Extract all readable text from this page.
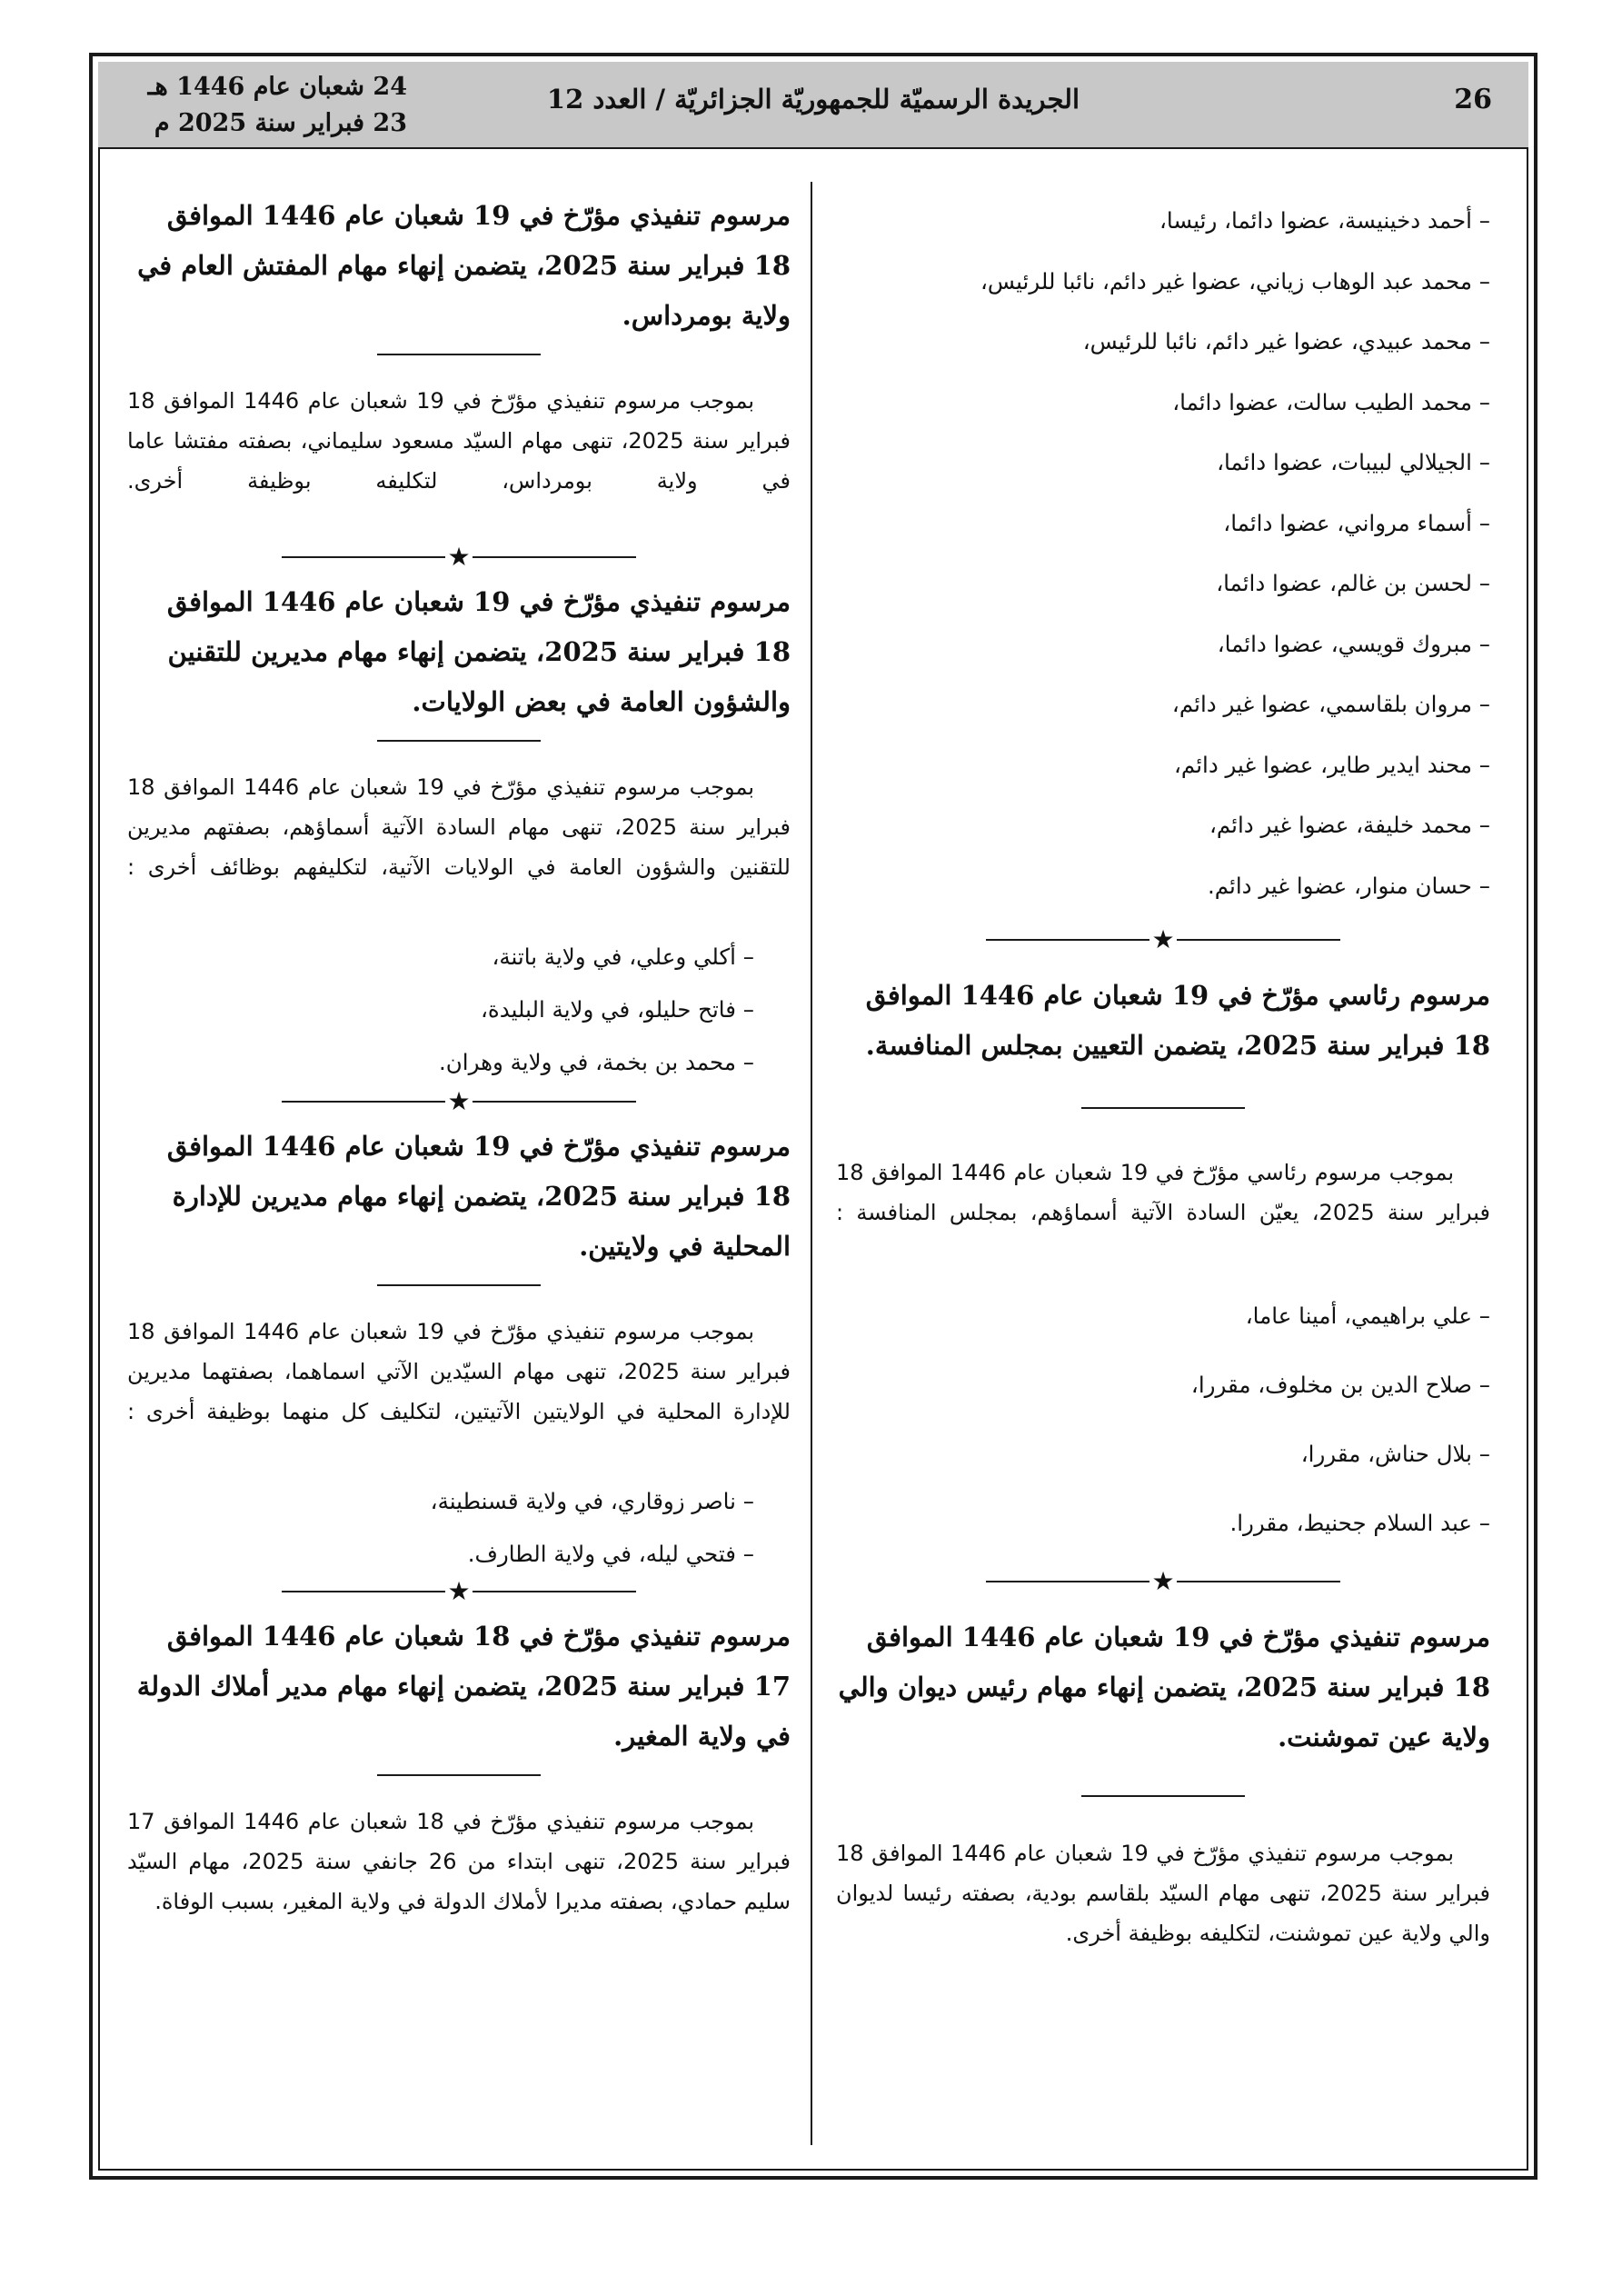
26
الجريدة الرسميّة للجمهوريّة الجزائريّة / العدد 12
24 شعبان عام 1446 هـ
23 فبراير سنة 2025 م
– أحمد دخينيسة، عضوا دائما، رئيسا،
– محمد عبد الوهاب زياني، عضوا غير دائم، نائبا للرئيس،
– محمد عبيدي، عضوا غير دائم، نائبا للرئيس،
– محمد الطيب سالت، عضوا دائما،
– الجيلالي لبيبات، عضوا دائما،
– أسماء مرواني، عضوا دائما،
– لحسن بن غالم، عضوا دائما،
– مبروك قويسي، عضوا دائما،
– مروان بلقاسمي، عضوا غير دائم،
– محند ايدير طاير، عضوا غير دائم،
– محمد خليفة، عضوا غير دائم،
– حسان منوار، عضوا غير دائم.
★
مرسوم رئاسي مؤرّخ في 19 شعبان عام 1446 الموافق 18 فبراير سنة 2025، يتضمن التعيين بمجلس المنافسة.

بموجب مرسوم رئاسي مؤرّخ في 19 شعبان عام 1446 الموافق 18 فبراير سنة 2025، يعيّن السادة الآتية أسماؤهم، بمجلس المنافسة :

– علي براهيمي، أمينا عاما،
– صلاح الدين بن مخلوف، مقررا،
– بلال حناش، مقررا،
– عبد السلام جحنيط، مقررا.
★
مرسوم تنفيذي مؤرّخ في 19 شعبان عام 1446 الموافق 18 فبراير سنة 2025، يتضمن إنهاء مهام رئيس ديوان والي ولاية عين تموشنت.

بموجب مرسوم تنفيذي مؤرّخ في 19 شعبان عام 1446 الموافق 18 فبراير سنة 2025، تنهى مهام السيّد بلقاسم بودية، بصفته رئيسا لديوان والي ولاية عين تموشنت، لتكليفه بوظيفة أخرى.

مرسوم تنفيذي مؤرّخ في 19 شعبان عام 1446 الموافق 18 فبراير سنة 2025، يتضمن إنهاء مهام المفتش العام في ولاية بومرداس.

بموجب مرسوم تنفيذي مؤرّخ في 19 شعبان عام 1446 الموافق 18 فبراير سنة 2025، تنهى مهام السيّد مسعود سليماني، بصفته مفتشا عاما في ولاية بومرداس، لتكليفه بوظيفة أخرى.

★
مرسوم تنفيذي مؤرّخ في 19 شعبان عام 1446 الموافق 18 فبراير سنة 2025، يتضمن إنهاء مهام مديرين للتقنين والشؤون العامة في بعض الولايات.

بموجب مرسوم تنفيذي مؤرّخ في 19 شعبان عام 1446 الموافق 18 فبراير سنة 2025، تنهى مهام السادة الآتية أسماؤهم، بصفتهم مديرين للتقنين والشؤون العامة في الولايات الآتية، لتكليفهم بوظائف أخرى :

– أكلي وعلي، في ولاية باتنة،
– فاتح حليلو، في ولاية البليدة،
– محمد بن بخمة، في ولاية وهران.
★
مرسوم تنفيذي مؤرّخ في 19 شعبان عام 1446 الموافق 18 فبراير سنة 2025، يتضمن إنهاء مهام مديرين للإدارة المحلية في ولايتين.

بموجب مرسوم تنفيذي مؤرّخ في 19 شعبان عام 1446 الموافق 18 فبراير سنة 2025، تنهى مهام السيّدين الآتي اسماهما، بصفتهما مديرين للإدارة المحلية في الولايتين الآتيتين، لتكليف كل منهما بوظيفة أخرى :

– ناصر زوقاري، في ولاية قسنطينة،
– فتحي ليله، في ولاية الطارف.
★
مرسوم تنفيذي مؤرّخ في 18 شعبان عام 1446 الموافق 17 فبراير سنة 2025، يتضمن إنهاء مهام مدير أملاك الدولة في ولاية المغير.

بموجب مرسوم تنفيذي مؤرّخ في 18 شعبان عام 1446 الموافق 17 فبراير سنة 2025، تنهى ابتداء من 26 جانفي سنة 2025، مهام السيّد سليم حمادي، بصفته مديرا لأملاك الدولة في ولاية المغير، بسبب الوفاة.
